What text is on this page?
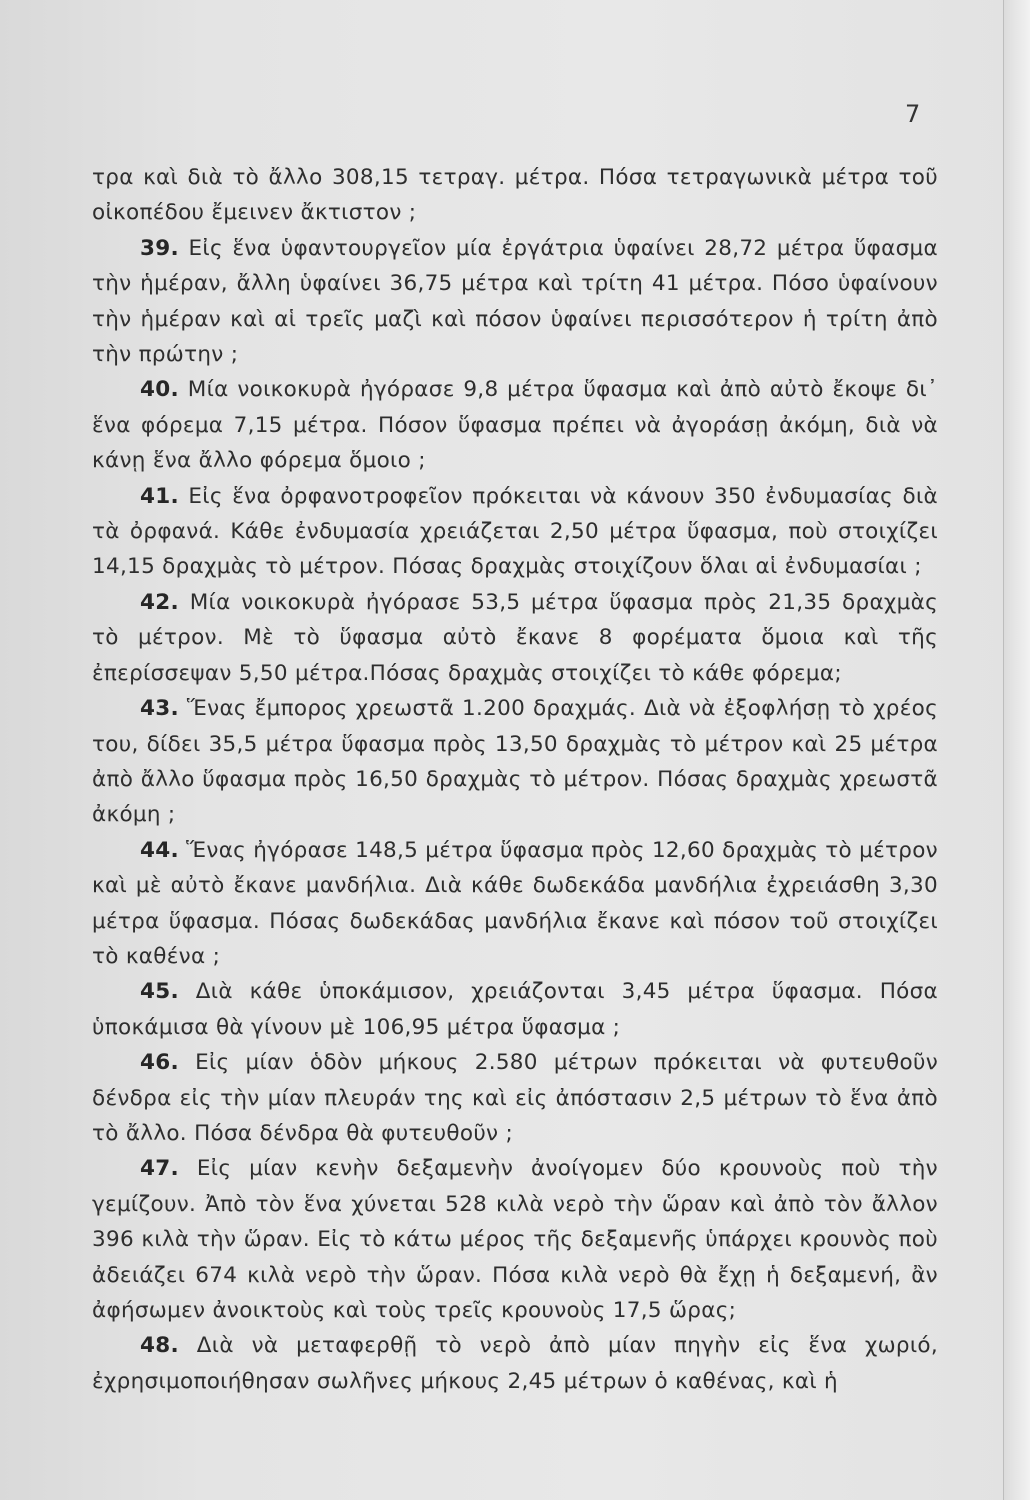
7

τρα καὶ διὰ τὸ ἄλλο 308,15 τετραγ. μέτρα. Πόσα τετραγωνικὰ μέτρα τοῦ οἰκοπέδου ἔμεινεν ἄκτιστον ;

39. Εἰς ἕνα ὑφαντουργεῖον μία ἐργάτρια ὑφαίνει 28,72 μέτρα ὕφασμα τὴν ἡμέραν, ἄλλη ὑφαίνει 36,75 μέτρα καὶ τρίτη 41 μέτρα. Πόσο ὑφαίνουν τὴν ἡμέραν καὶ αἱ τρεῖς μαζὶ καὶ πόσον ὑφαίνει περισσότερον ἡ τρίτη ἀπὸ τὴν πρώτην ;

40. Μία νοικοκυρὰ ἠγόρασε 9,8 μέτρα ὕφασμα καὶ ἀπὸ αὐτὸ ἔκοψε δι᾽ ἕνα φόρεμα 7,15 μέτρα. Πόσον ὕφασμα πρέπει νὰ ἀγοράσῃ ἀκόμη, διὰ νὰ κάνῃ ἕνα ἄλλο φόρεμα ὅμοιο ;

41. Εἰς ἕνα ὀρφανοτροφεῖον πρόκειται νὰ κάνουν 350 ἐνδυμασίας διὰ τὰ ὀρφανά. Κάθε ἐνδυμασία χρειάζεται 2,50 μέτρα ὕφασμα, ποὺ στοιχίζει 14,15 δραχμὰς τὸ μέτρον. Πόσας δραχμὰς στοιχίζουν ὅλαι αἱ ἐνδυμασίαι ;

42. Μία νοικοκυρὰ ἠγόρασε 53,5 μέτρα ὕφασμα πρὸς 21,35 δραχμὰς τὸ μέτρον. Μὲ τὸ ὕφασμα αὐτὸ ἔκανε 8 φορέματα ὅμοια καὶ τῆς ἐπερίσσεψαν 5,50 μέτρα.Πόσας δραχμὰς στοιχίζει τὸ κάθε φόρεμα;

43. Ἕνας ἔμπορος χρεωστᾶ 1.200 δραχμάς. Διὰ νὰ ἐξοφλήσῃ τὸ χρέος του, δίδει 35,5 μέτρα ὕφασμα πρὸς 13,50 δραχμὰς τὸ μέτρον καὶ 25 μέτρα ἀπὸ ἄλλο ὕφασμα πρὸς 16,50 δραχμὰς τὸ μέτρον. Πόσας δραχμὰς χρεωστᾶ ἀκόμη ;

44. Ἕνας ἠγόρασε 148,5 μέτρα ὕφασμα πρὸς 12,60 δραχμὰς τὸ μέτρον καὶ μὲ αὐτὸ ἔκανε μανδήλια. Διὰ κάθε δωδεκάδα μανδήλια ἐχρειάσθη 3,30 μέτρα ὕφασμα. Πόσας δωδεκάδας μανδήλια ἔκανε καὶ πόσον τοῦ στοιχίζει τὸ καθένα ;

45. Διὰ κάθε ὑποκάμισον, χρειάζονται 3,45 μέτρα ὕφασμα. Πόσα ὑποκάμισα θὰ γίνουν μὲ 106,95 μέτρα ὕφασμα ;

46. Εἰς μίαν ὁδὸν μήκους 2.580 μέτρων πρόκειται νὰ φυτευθοῦν δένδρα εἰς τὴν μίαν πλευράν της καὶ εἰς ἀπόστασιν 2,5 μέτρων τὸ ἕνα ἀπὸ τὸ ἄλλο. Πόσα δένδρα θὰ φυτευθοῦν ;

47. Εἰς μίαν κενὴν δεξαμενὴν ἀνοίγομεν δύο κρουνοὺς ποὺ τὴν γεμίζουν. Ἀπὸ τὸν ἕνα χύνεται 528 κιλὰ νερὸ τὴν ὥραν καὶ ἀπὸ τὸν ἄλλον 396 κιλὰ τὴν ὥραν. Εἰς τὸ κάτω μέρος τῆς δεξαμενῆς ὑπάρχει κρουνὸς ποὺ ἀδειάζει 674 κιλὰ νερὸ τὴν ὥραν. Πόσα κιλὰ νερὸ θὰ ἔχῃ ἡ δεξαμενή, ἂν ἀφήσωμεν ἀνοικτοὺς καὶ τοὺς τρεῖς κρουνοὺς 17,5 ὥρας;

48. Διὰ νὰ μεταφερθῇ τὸ νερὸ ἀπὸ μίαν πηγὴν εἰς ἕνα χωριό, ἐχρησιμοποιήθησαν σωλῆνες μήκους 2,45 μέτρων ὁ καθένας, καὶ ἡ
